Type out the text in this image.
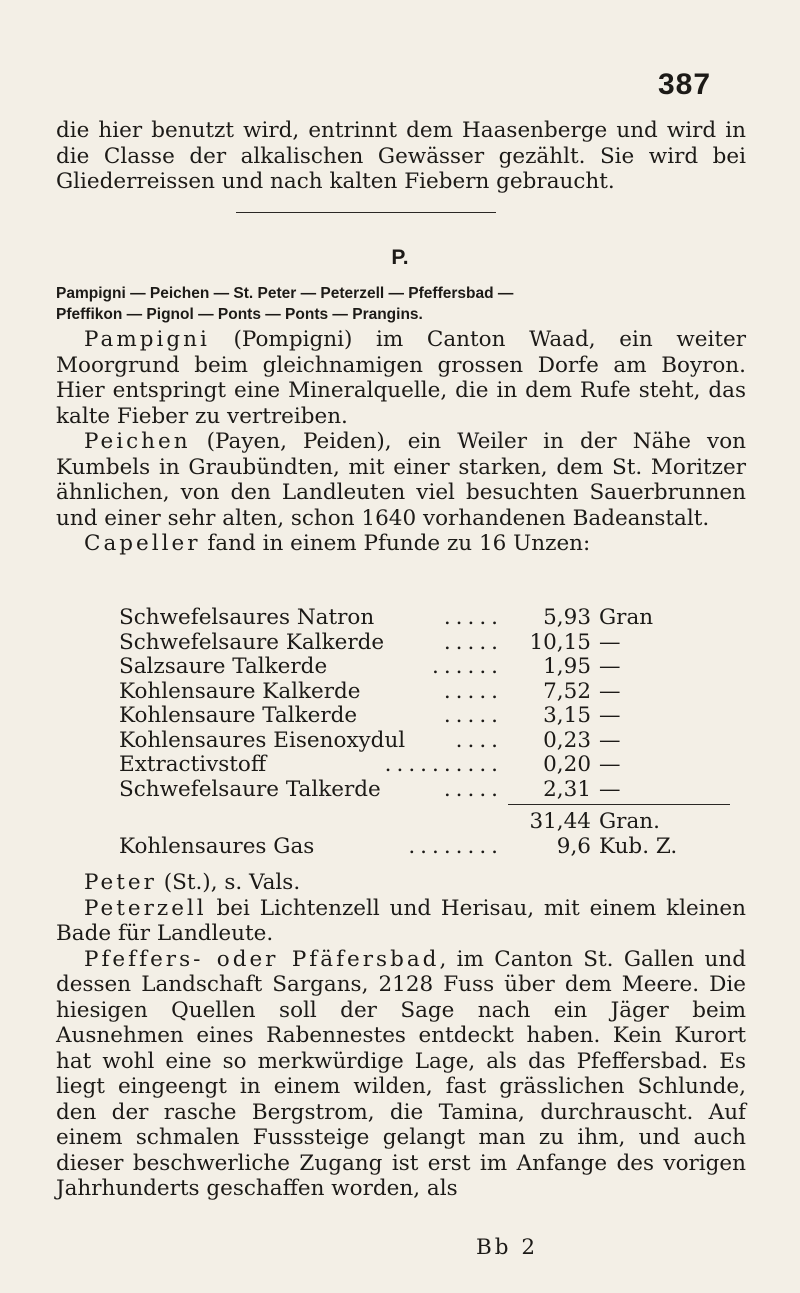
387

die hier benutzt wird, entrinnt dem Haasenberge und wird in die Classe der alkalischen Gewässer gezählt. Sie wird bei Gliederreissen und nach kalten Fiebern gebraucht.

P.
Pampigni — Peichen — St. Peter — Peterzell — Pfeffersbad —
Pfeffikon — Pignol — Ponts — Ponts — Prangins.

Pampigni (Pompigni) im Canton Waad, ein weiter Moorgrund beim gleichnamigen grossen Dorfe am Boyron. Hier entspringt eine Mineralquelle, die in dem Rufe steht, das kalte Fieber zu vertreiben.

Peichen (Payen, Peiden), ein Weiler in der Nähe von Kumbels in Graubündten, mit einer starken, dem St. Moritzer ähnlichen, von den Landleuten viel besuchten Sauerbrunnen und einer sehr alten, schon 1640 vorhandenen Badeanstalt.

Capeller fand in einem Pfunde zu 16 Unzen:

Schwefelsaures Natron	.....	5,93 Gran
Schwefelsaure Kalkerde	.....	10,15 —
Salzsaure Talkerde	......	1,95 —
Kohlensaure Kalkerde	.....	7,52 —
Kohlensaure Talkerde	.....	3,15 —
Kohlensaures Eisenoxydul	....	0,23 —
Extractivstoff	..........	0,20 —
Schwefelsaure Talkerde	.....	2,31 —
31,44 Gran.
Kohlensaures Gas	........	9,6 Kub. Z.

Peter (St.), s. Vals.

Peterzell bei Lichtenzell und Herisau, mit einem kleinen Bade für Landleute.

Pfeffers- oder Pfäfersbad, im Canton St. Gallen und dessen Landschaft Sargans, 2128 Fuss über dem Meere. Die hiesigen Quellen soll der Sage nach ein Jäger beim Ausnehmen eines Rabennestes entdeckt haben. Kein Kurort hat wohl eine so merkwürdige Lage, als das Pfeffersbad. Es liegt eingeengt in einem wilden, fast grässlichen Schlunde, den der rasche Bergstrom, die Tamina, durchrauscht. Auf einem schmalen Fusssteige gelangt man zu ihm, und auch dieser beschwerliche Zugang ist erst im Anfange des vorigen Jahrhunderts geschaffen worden, als

Bb 2
